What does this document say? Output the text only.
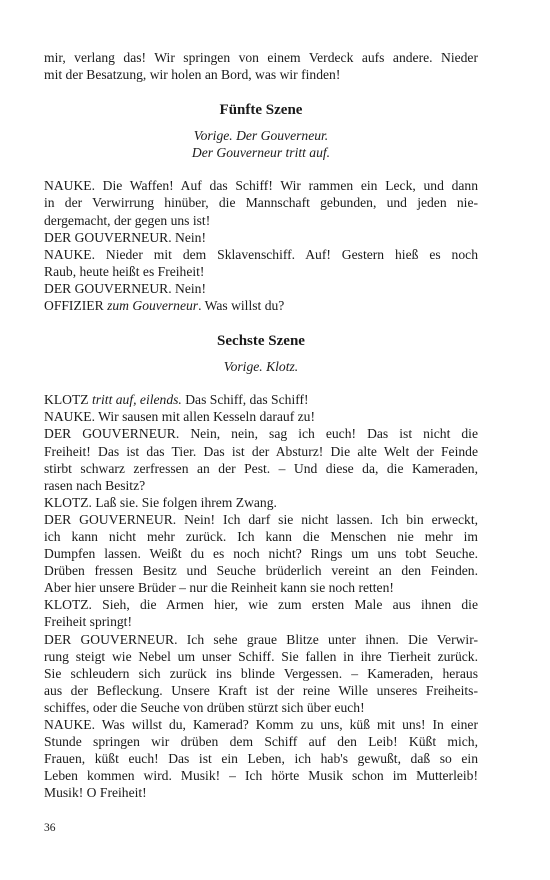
mir, verlang das! Wir springen von einem Verdeck aufs andere. Nieder

mit der Besatzung, wir holen an Bord, was wir finden!

Fünfte Szene
Vorige. Der Gouverneur.
Der Gouverneur tritt auf.

NAUKE. Die Waffen! Auf das Schiff! Wir rammen ein Leck, und dann

in der Verwirrung hinüber, die Mannschaft gebunden, und jeden nie-

dergemacht, der gegen uns ist!

DER GOUVERNEUR. Nein!

NAUKE. Nieder mit dem Sklavenschiff. Auf! Gestern hieß es noch

Raub, heute heißt es Freiheit!

DER GOUVERNEUR. Nein!

OFFIZIER zum Gouverneur. Was willst du?

Sechste Szene
Vorige. Klotz.

KLOTZ tritt auf, eilends. Das Schiff, das Schiff!

NAUKE. Wir sausen mit allen Kesseln darauf zu!

DER GOUVERNEUR. Nein, nein, sag ich euch! Das ist nicht die

Freiheit! Das ist das Tier. Das ist der Absturz! Die alte Welt der Feinde

stirbt schwarz zerfressen an der Pest. – Und diese da, die Kameraden,

rasen nach Besitz?

KLOTZ. Laß sie. Sie folgen ihrem Zwang.

DER GOUVERNEUR. Nein! Ich darf sie nicht lassen. Ich bin erweckt,

ich kann nicht mehr zurück. Ich kann die Menschen nie mehr im

Dumpfen lassen. Weißt du es noch nicht? Rings um uns tobt Seuche.

Drüben fressen Besitz und Seuche brüderlich vereint an den Feinden.

Aber hier unsere Brüder – nur die Reinheit kann sie noch retten!

KLOTZ. Sieh, die Armen hier, wie zum ersten Male aus ihnen die

Freiheit springt!

DER GOUVERNEUR. Ich sehe graue Blitze unter ihnen. Die Verwir-

rung steigt wie Nebel um unser Schiff. Sie fallen in ihre Tierheit zurück.

Sie schleudern sich zurück ins blinde Vergessen. – Kameraden, heraus

aus der Befleckung. Unsere Kraft ist der reine Wille unseres Freiheits-

schiffes, oder die Seuche von drüben stürzt sich über euch!

NAUKE. Was willst du, Kamerad? Komm zu uns, küß mit uns! In einer

Stunde springen wir drüben dem Schiff auf den Leib! Küßt mich,

Frauen, küßt euch! Das ist ein Leben, ich hab's gewußt, daß so ein

Leben kommen wird. Musik! – Ich hörte Musik schon im Mutterleib!

Musik! O Freiheit!

36
